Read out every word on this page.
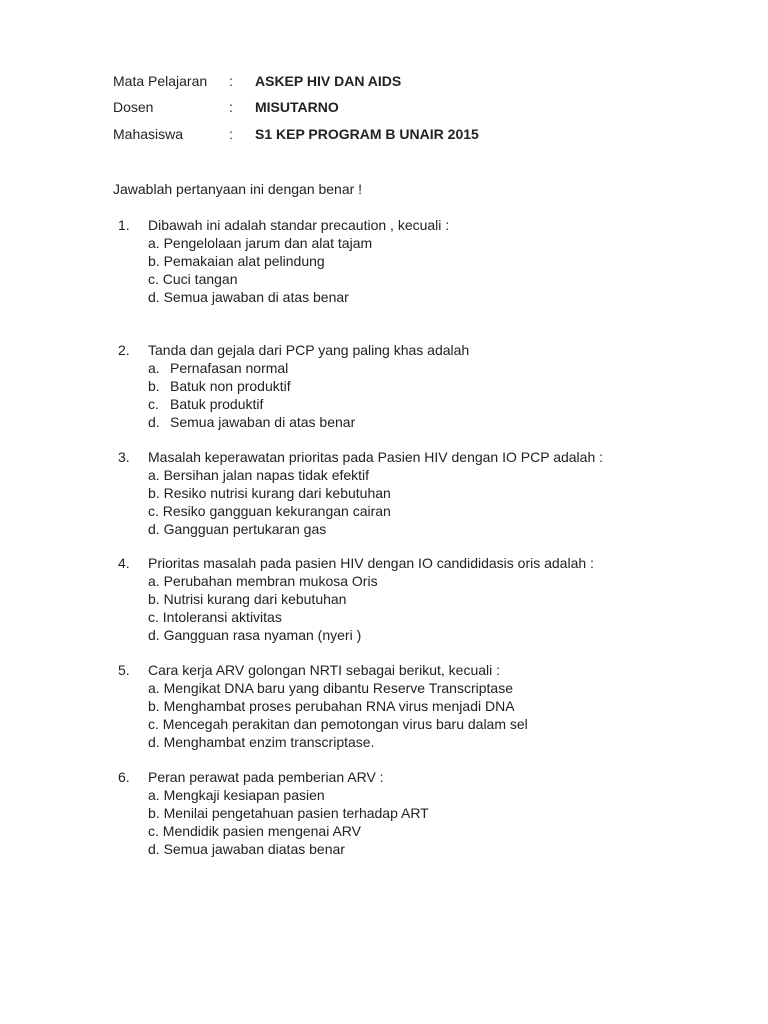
Mata Pelajaran : ASKEP HIV DAN AIDS
Dosen	: MISUTARNO
Mahasiswa	: S1 KEP PROGRAM B UNAIR 2015
Jawablah pertanyaan ini dengan benar !
1. Dibawah ini adalah standar precaution , kecuali :
a. Pengelolaan jarum dan alat tajam
b. Pemakaian alat pelindung
c. Cuci tangan
d. Semua jawaban di atas benar
2. Tanda dan gejala dari PCP yang paling khas adalah
a. Pernafasan normal
b. Batuk non produktif
c. Batuk produktif
d. Semua jawaban di atas benar
3. Masalah keperawatan prioritas pada Pasien HIV dengan IO PCP adalah :
a. Bersihan jalan napas tidak efektif
b. Resiko nutrisi kurang dari kebutuhan
c. Resiko gangguan kekurangan cairan
d. Gangguan pertukaran gas
4. Prioritas masalah pada pasien HIV dengan IO candididasis oris adalah :
a. Perubahan membran mukosa Oris
b. Nutrisi kurang dari kebutuhan
c. Intoleransi aktivitas
d. Gangguan rasa nyaman (nyeri )
5. Cara kerja ARV golongan NRTI sebagai berikut, kecuali :
a. Mengikat DNA baru yang dibantu Reserve Transcriptase
b. Menghambat proses perubahan RNA virus menjadi DNA
c. Mencegah perakitan dan pemotongan virus baru dalam sel
d. Menghambat enzim transcriptase.
6. Peran perawat pada pemberian ARV :
a. Mengkaji kesiapan pasien
b. Menilai pengetahuan pasien terhadap ART
c. Mendidik pasien mengenai ARV
d. Semua jawaban diatas benar
